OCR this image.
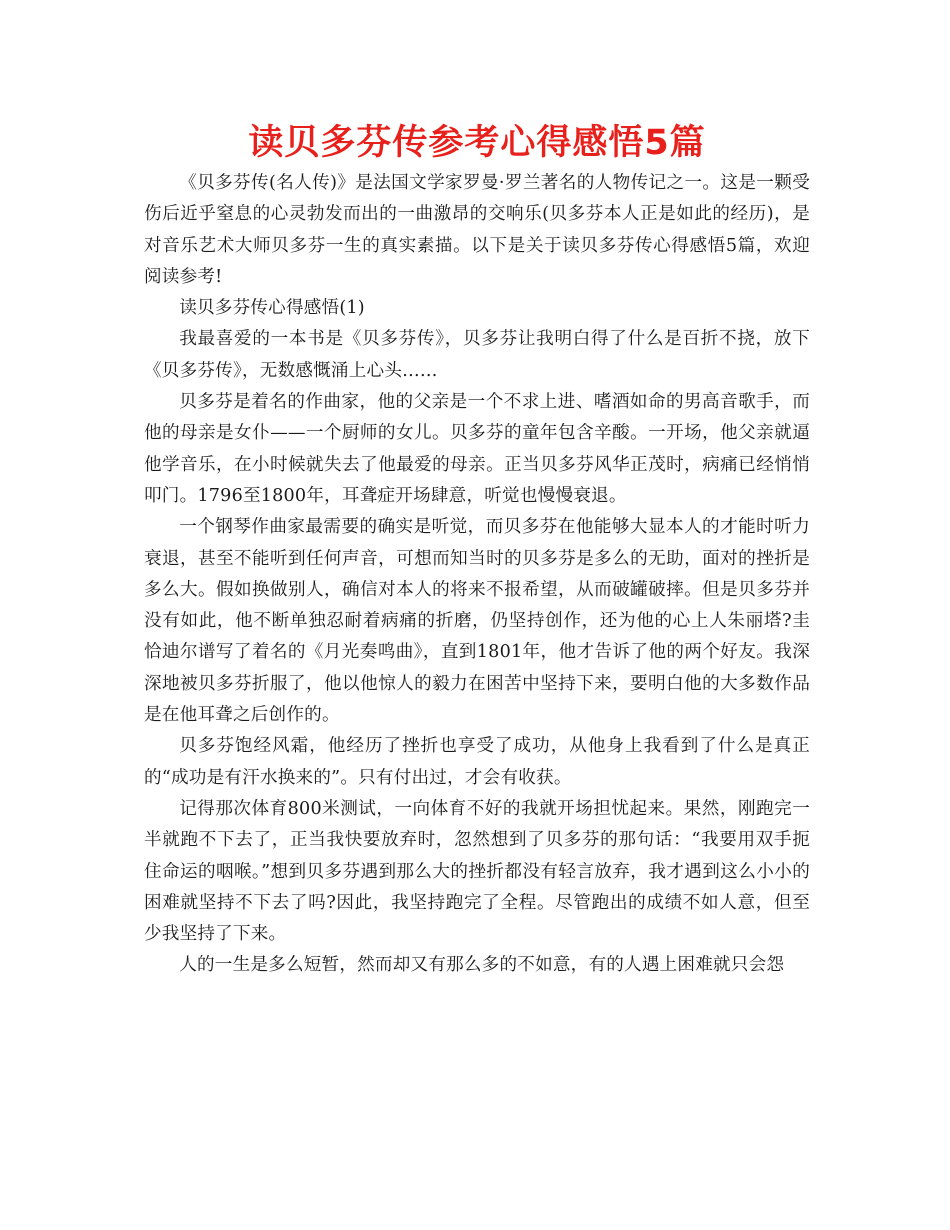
读贝多芬传参考心得感悟5篇

《贝多芬传(名人传)》是法国文学家罗曼·罗兰著名的人物传记之一。这是一颗受伤后近乎窒息的心灵勃发而出的一曲激昂的交响乐(贝多芬本人正是如此的经历)，是对音乐艺术大师贝多芬一生的真实素描。以下是关于读贝多芬传心得感悟5篇，欢迎阅读参考!

读贝多芬传心得感悟(1)

我最喜爱的一本书是《贝多芬传》，贝多芬让我明白得了什么是百折不挠，放下《贝多芬传》，无数感慨涌上心头……

贝多芬是着名的作曲家，他的父亲是一个不求上进、嗜酒如命的男高音歌手，而他的母亲是女仆——一个厨师的女儿。贝多芬的童年包含辛酸。一开场，他父亲就逼他学音乐，在小时候就失去了他最爱的母亲。正当贝多芬风华正茂时，病痛已经悄悄叩门。1796至1800年，耳聋症开场肆意，听觉也慢慢衰退。

一个钢琴作曲家最需要的确实是听觉，而贝多芬在他能够大显本人的才能时听力衰退，甚至不能听到任何声音，可想而知当时的贝多芬是多么的无助，面对的挫折是多么大。假如换做别人，确信对本人的将来不报希望，从而破罐破摔。但是贝多芬并没有如此，他不断单独忍耐着病痛的折磨，仍坚持创作，还为他的心上人朱丽塔?圭恰迪尔谱写了着名的《月光奏鸣曲》，直到1801年，他才告诉了他的两个好友。我深深地被贝多芬折服了，他以他惊人的毅力在困苦中坚持下来，要明白他的大多数作品是在他耳聋之后创作的。

贝多芬饱经风霜，他经历了挫折也享受了成功，从他身上我看到了什么是真正的“成功是有汗水换来的”。只有付出过，才会有收获。

记得那次体育800米测试，一向体育不好的我就开场担忧起来。果然，刚跑完一半就跑不下去了，正当我快要放弃时，忽然想到了贝多芬的那句话：“我要用双手扼住命运的咽喉。”想到贝多芬遇到那么大的挫折都没有轻言放弃，我才遇到这么小小的困难就坚持不下去了吗?因此，我坚持跑完了全程。尽管跑出的成绩不如人意，但至少我坚持了下来。

人的一生是多么短暂，然而却又有那么多的不如意，有的人遇上困难就只会怨
